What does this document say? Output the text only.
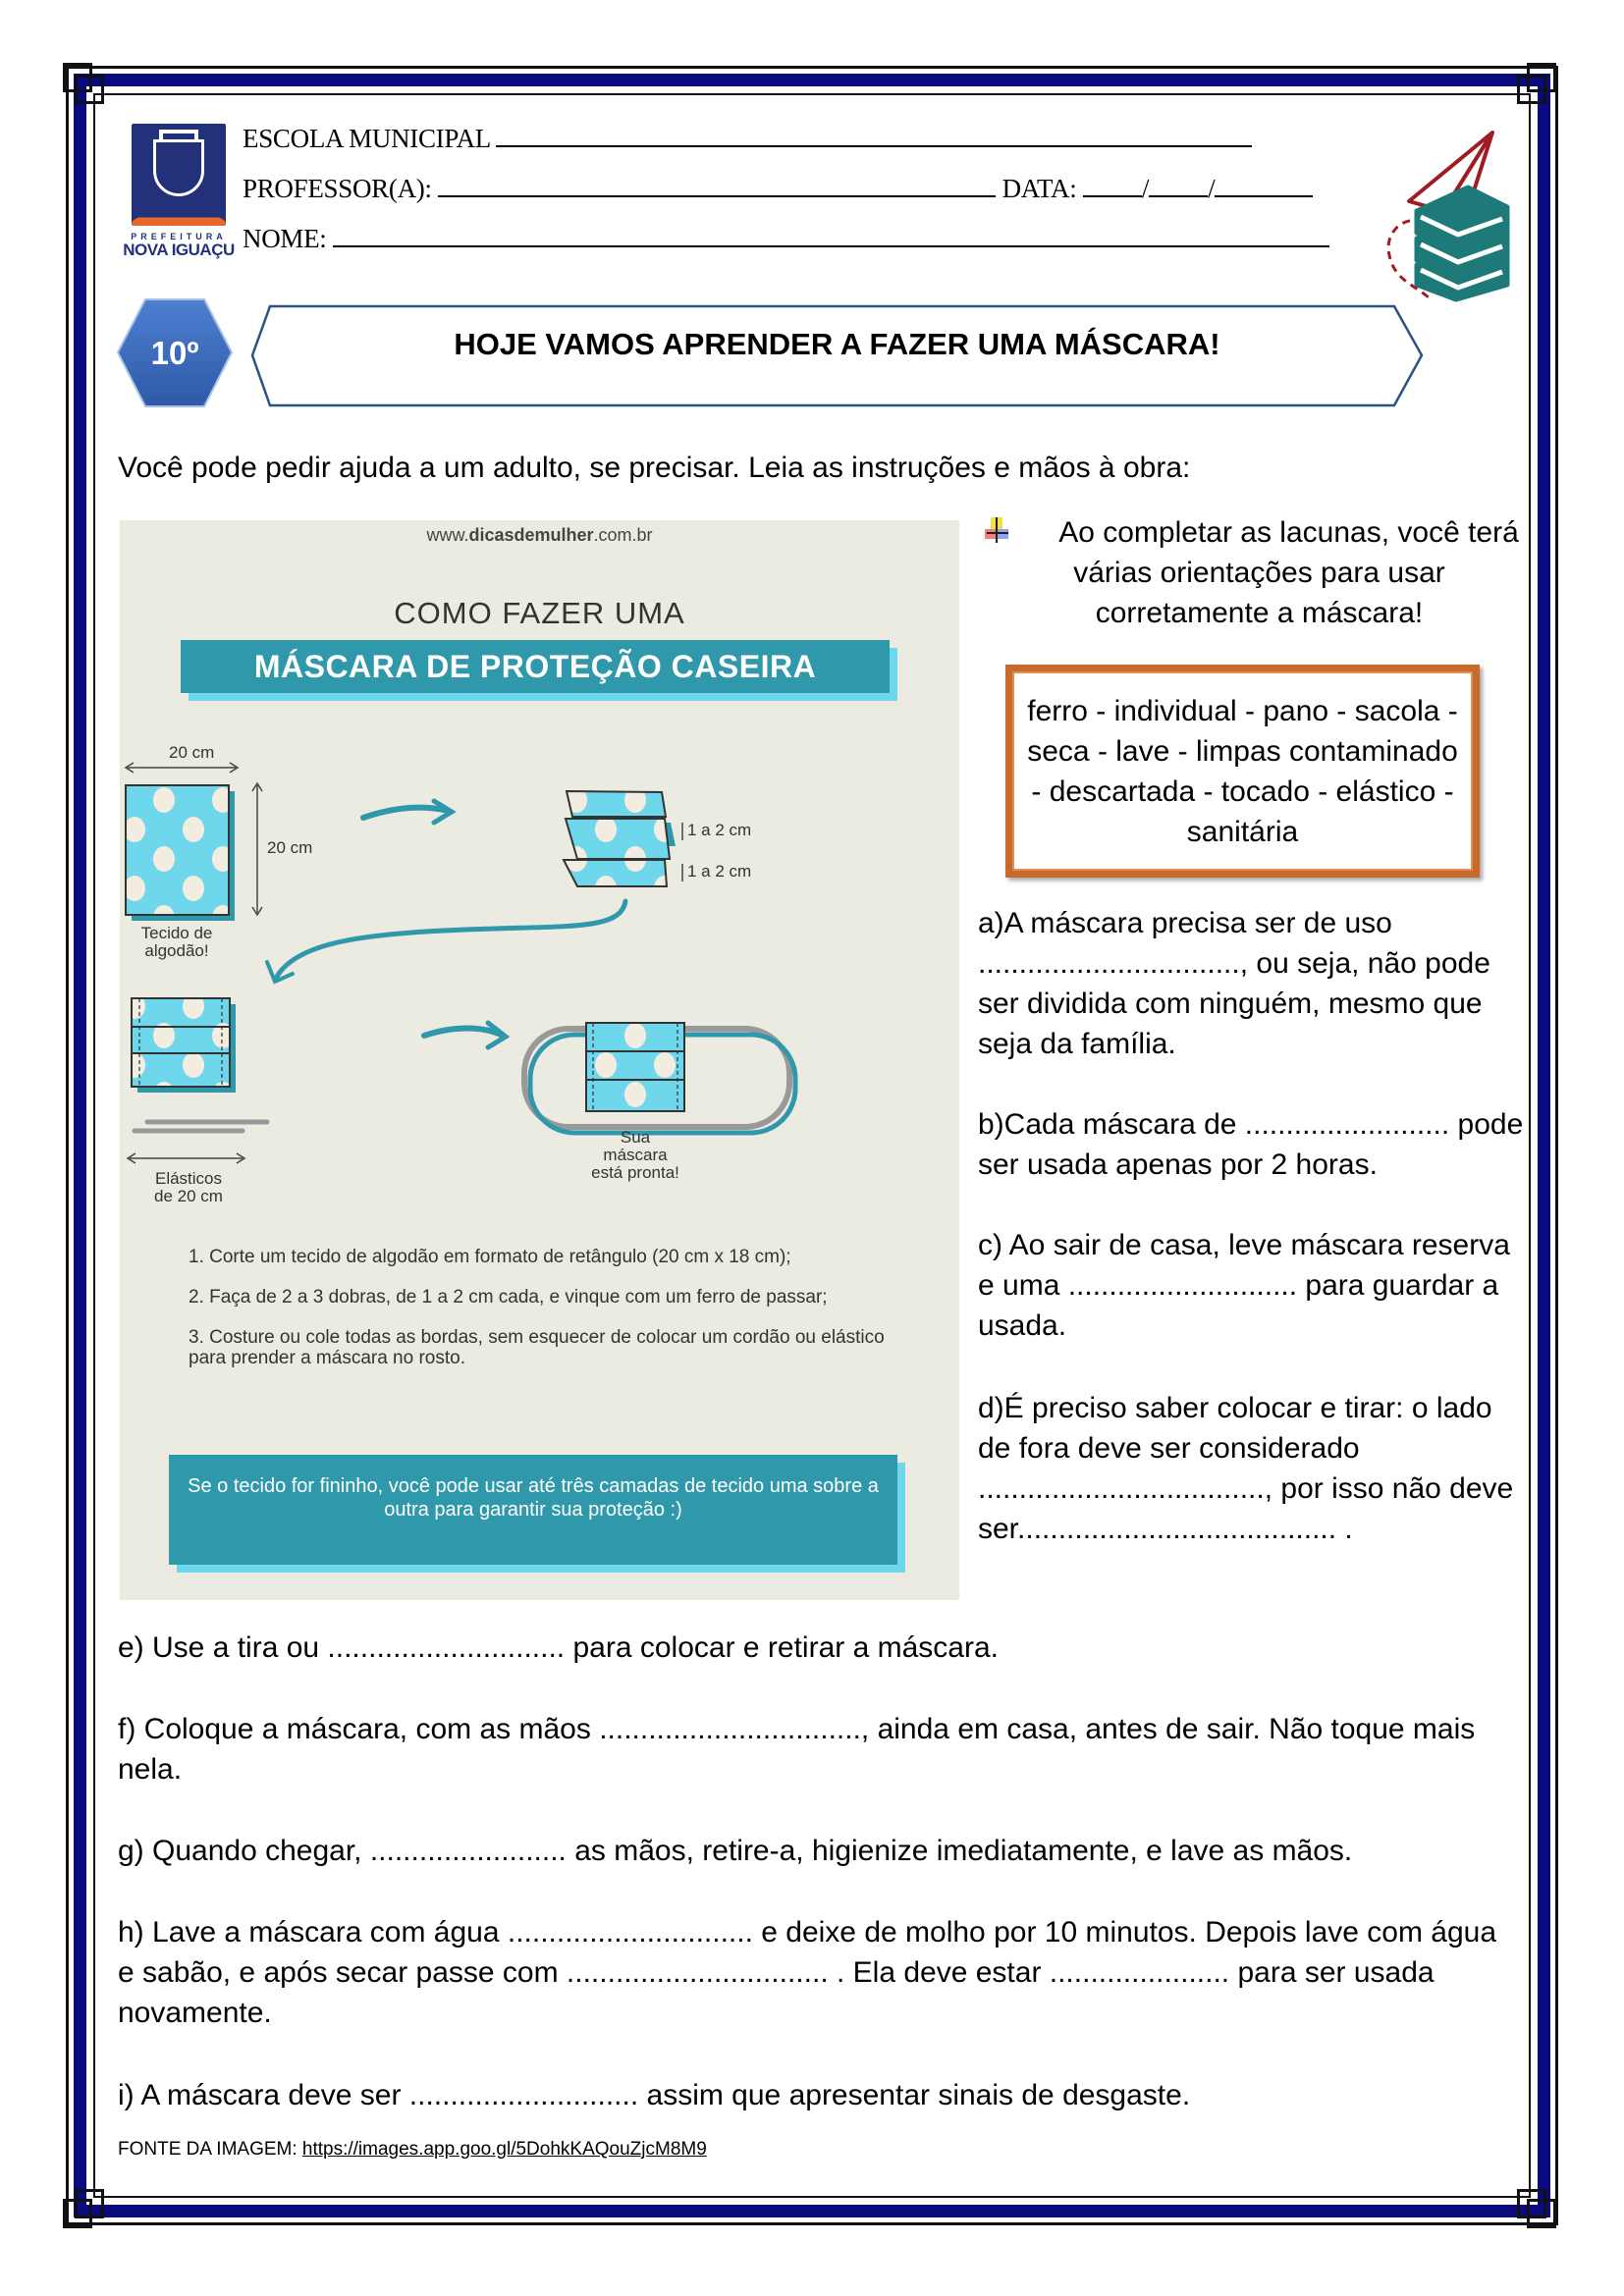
PREFEITURA
NOVA IGUAÇU
ESCOLA MUNICIPAL
PROFESSOR(A):	DATA: / /
NOME:
10º	HOJE VAMOS APRENDER A FAZER UMA MÁSCARA!
Você pode pedir ajuda a um adulto, se precisar. Leia as instruções e mãos à obra:
www.dicasdemulher.com.br
COMO FAZER UMA
MÁSCARA DE PROTEÇÃO CASEIRA
20 cm
20 cm
Tecido de algodão!
1 a 2 cm
1 a 2 cm
Elásticos de 20 cm
Sua máscara está pronta!

1. Corte um tecido de algodão em formato de retângulo (20 cm x 18 cm);

2. Faça de 2 a 3 dobras, de 1 a 2 cm cada, e vinque com um ferro de passar;

3. Costure ou cole todas as bordas, sem esquecer de colocar um cordão ou elástico para prender a máscara no rosto.

Se o tecido for fininho, você pode usar até três camadas de tecido uma sobre a outra para garantir sua proteção :)
Ao completar as lacunas, você terá várias orientações para usar corretamente a máscara!
ferro - individual - pano - sacola - seca - lave - limpas contaminado - descartada - tocado - elástico - sanitária
a)A máscara precisa ser de uso ................................, ou seja, não pode ser dividida com ninguém, mesmo que seja da família.
b)Cada máscara de ......................... pode ser usada apenas por 2 horas.
c) Ao sair de casa, leve máscara reserva e uma ............................ para guardar a usada.
d)É preciso saber colocar e tirar: o lado de fora deve ser considerado ..................................., por isso não deve ser....................................... .
e) Use a tira ou ............................. para colocar e retirar a máscara.
f) Coloque a máscara, com as mãos ................................, ainda em casa, antes de sair. Não toque mais nela.
g) Quando chegar, ........................ as mãos, retire-a, higienize imediatamente, e lave as mãos.
h) Lave a máscara com água .............................. e deixe de molho por 10 minutos. Depois lave com água e sabão, e após secar passe com ................................ . Ela deve estar ...................... para ser usada novamente.
i) A máscara deve ser ............................ assim que apresentar sinais de desgaste.
FONTE DA IMAGEM: https://images.app.goo.gl/5DohkKAQouZjcM8M9
